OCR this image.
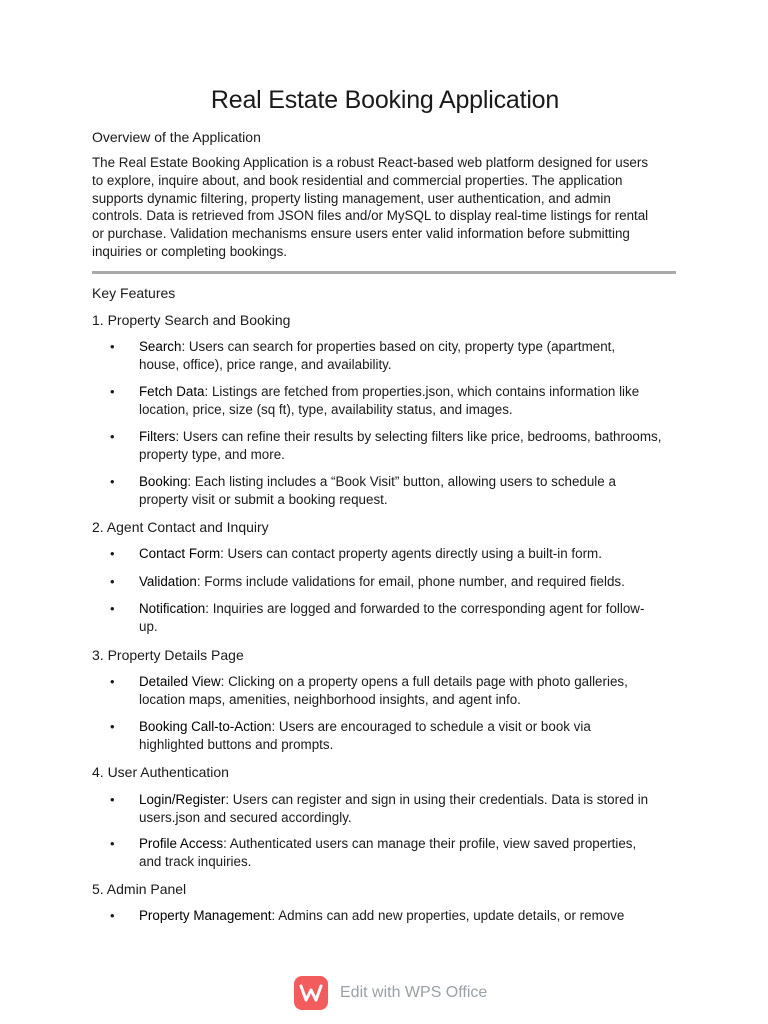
Real Estate Booking Application
Overview of the Application
The Real Estate Booking Application is a robust React-based web platform designed for users
to explore, inquire about, and book residential and commercial properties. The application
supports dynamic filtering, property listing management, user authentication, and admin
controls. Data is retrieved from JSON files and/or MySQL to display real-time listings for rental
or purchase. Validation mechanisms ensure users enter valid information before submitting
inquiries or completing bookings.
Key Features
1. Property Search and Booking
• Search: Users can search for properties based on city, property type (apartment,
house, office), price range, and availability.
• Fetch Data: Listings are fetched from properties.json, which contains information like
location, price, size (sq ft), type, availability status, and images.
• Filters: Users can refine their results by selecting filters like price, bedrooms, bathrooms,
property type, and more.
• Booking: Each listing includes a “Book Visit” button, allowing users to schedule a
property visit or submit a booking request.
2. Agent Contact and Inquiry
• Contact Form: Users can contact property agents directly using a built-in form.
• Validation: Forms include validations for email, phone number, and required fields.
• Notification: Inquiries are logged and forwarded to the corresponding agent for follow-
up.
3. Property Details Page
• Detailed View: Clicking on a property opens a full details page with photo galleries,
location maps, amenities, neighborhood insights, and agent info.
• Booking Call-to-Action: Users are encouraged to schedule a visit or book via
highlighted buttons and prompts.
4. User Authentication
• Login/Register: Users can register and sign in using their credentials. Data is stored in
users.json and secured accordingly.
• Profile Access: Authenticated users can manage their profile, view saved properties,
and track inquiries.
5. Admin Panel
• Property Management: Admins can add new properties, update details, or remove
Edit with WPS Office
